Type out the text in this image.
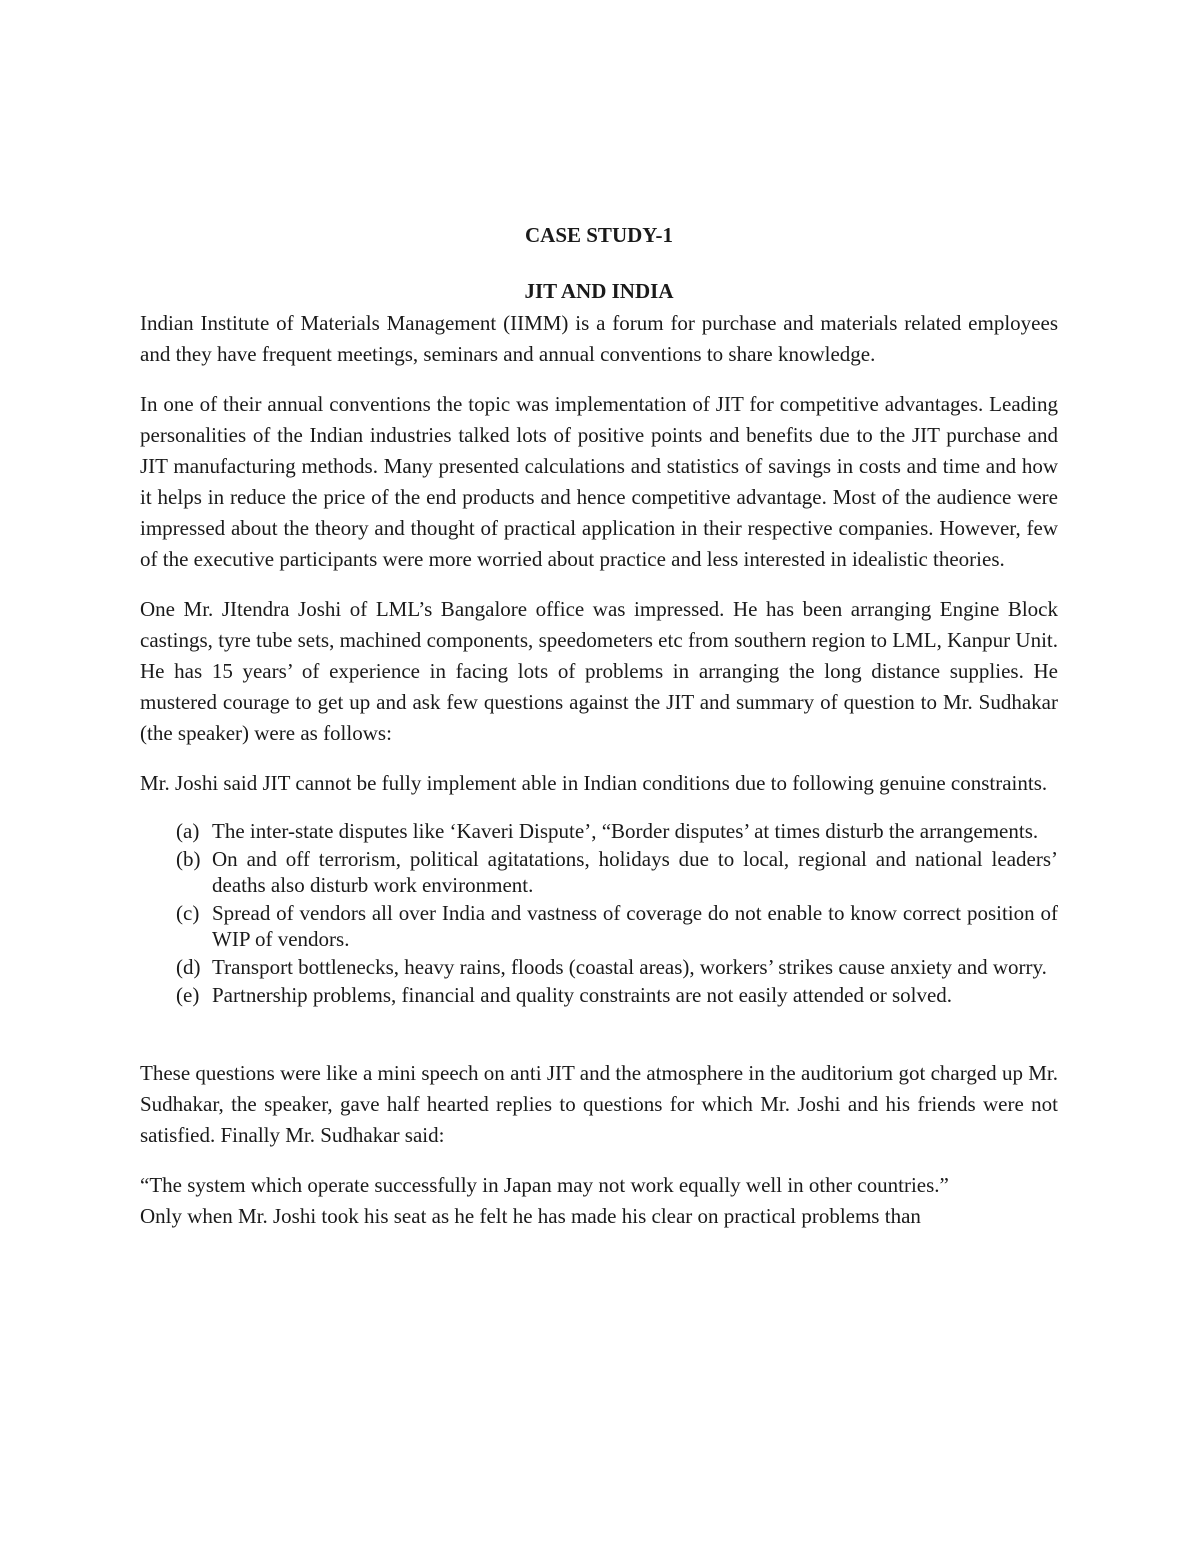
CASE STUDY-1
JIT AND INDIA

Indian Institute of Materials Management (IIMM) is a forum for purchase and materials related employees and they have frequent meetings, seminars and annual conventions to share knowledge.

In one of their annual conventions the topic was implementation of JIT for competitive advantages. Leading personalities of the Indian industries talked lots of positive points and benefits due to the JIT purchase and JIT manufacturing methods. Many presented calculations and statistics of savings in costs and time and how it helps in reduce the price of the end products and hence competitive advantage. Most of the audience were impressed about the theory and thought of practical application in their respective companies. However, few of the executive participants were more worried about practice and less interested in idealistic theories.

One Mr. JItendra Joshi of LML’s Bangalore office was impressed. He has been arranging Engine Block castings, tyre tube sets, machined components, speedometers etc from southern region to LML, Kanpur Unit. He has 15 years’ of experience in facing lots of problems in arranging the long distance supplies. He mustered courage to get up and ask few questions against the JIT and summary of question to Mr. Sudhakar (the speaker) were as follows:

Mr. Joshi said JIT cannot be fully implement able in Indian conditions due to following genuine constraints.

(a) The inter-state disputes like ‘Kaveri Dispute’, “Border disputes’ at times disturb the arrangements.
(b) On and off terrorism, political agitatations, holidays due to local, regional and national leaders’ deaths also disturb work environment.
(c) Spread of vendors all over India and vastness of coverage do not enable to know correct position of WIP of vendors.
(d) Transport bottlenecks, heavy rains, floods (coastal areas), workers’ strikes cause anxiety and worry.
(e) Partnership problems, financial and quality constraints are not easily attended or solved.

These questions were like a mini speech on anti JIT and the atmosphere in the auditorium got charged up Mr. Sudhakar, the speaker, gave half hearted replies to questions for which Mr. Joshi and his friends were not satisfied. Finally Mr. Sudhakar said:

“The system which operate successfully in Japan may not work equally well in other countries.”

Only when Mr. Joshi took his seat as he felt he has made his clear on practical problems than
